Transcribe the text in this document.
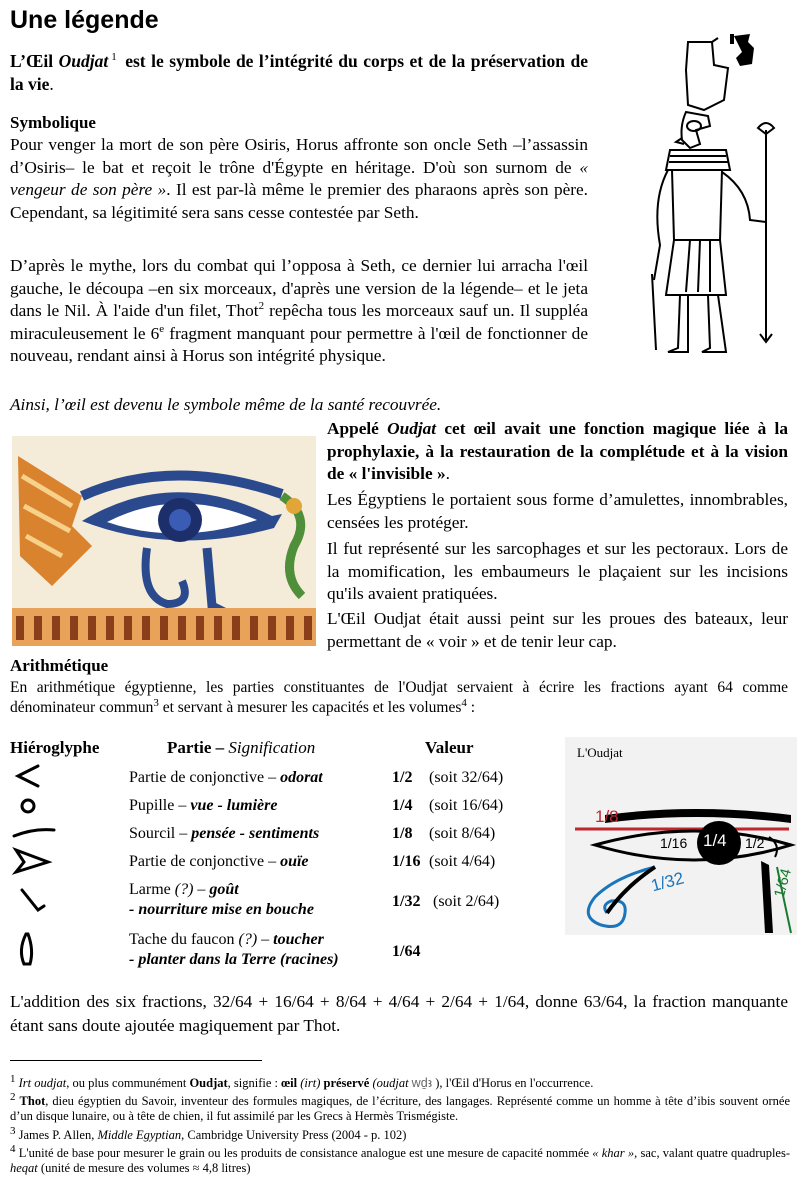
Une légende

L’Œil Oudjat $^1$ est le symbole de l’intégrité du corps et de la préservation de la vie.

Symbolique

Pour venger la mort de son père Osiris, Horus affronte son oncle Seth –l’assassin d’Osiris– le bat et reçoit le trône d'Égypte en héritage. D'où son surnom de « vengeur de son père ». Il est par-là même le premier des pharaons après son père. Cependant, sa légitimité sera sans cesse contestée par Seth.

D’après le mythe, lors du combat qui l’opposa à Seth, ce dernier lui arracha l'œil gauche, le découpa –en six morceaux, d'après une version de la légende– et le jeta dans le Nil. À l'aide d'un filet, Thot$^2$ repêcha tous les morceaux sauf un. Il suppléa miraculeusement le 6e fragment manquant pour permettre à l'œil de fonctionner de nouveau, rendant ainsi à Horus son intégrité physique.

Ainsi, l’œil est devenu le symbole même de la santé recouvrée.

Appelé Oudjat cet œil avait une fonction magique liée à la prophylaxie, à la restauration de la complétude et à la vision de « l'invisible ».

Les Égyptiens le portaient sous forme d’amulettes, innombrables, censées les protéger.

Il fut représenté sur les sarcophages et sur les pectoraux. Lors de la momification, les embaumeurs le plaçaient sur les incisions qu'ils avaient pratiquées.

L'Œil Oudjat était aussi peint sur les proues des bateaux, leur permettant de « voir » et de tenir leur cap.

Arithmétique

En arithmétique égyptienne, les parties constituantes de l'Oudjat servaient à écrire les fractions ayant 64 comme dénominateur commun$^3$ et servant à mesurer les capacités et les volumes$^4$ :

Hiéroglyphe	Partie – Signification	Valeur
Partie de conjonctive – odorat	1/2 (soit 32/64)
Pupille – vue - lumière	1/4 (soit 16/64)
Sourcil – pensée - sentiments	1/8 (soit 8/64)
Partie de conjonctive – ouïe	1/16 (soit 4/64)
Larme (?) – goût
- nourriture mise en bouche	1/32 (soit 2/64)
Tache du faucon (?) – toucher
- planter dans la Terre (racines)	1/64
L'Oudjat
1/8
1/16 1/4 1/2
1/32	1/64

L'addition des six fractions, 32/64 + 16/64 + 8/64 + 4/64 + 2/64 + 1/64, donne 63/64, la fraction manquante étant sans doute ajoutée magiquement par Thot.

$^1$ Irt oudjat, ou plus communément Oudjat, signifie : œil (irt) préservé (oudjat wḏꜣ ), l'Œil d'Horus en l'occurrence.

$^2$ Thot, dieu égyptien du Savoir, inventeur des formules magiques, de l’écriture, des langages. Représenté comme un homme à tête d’ibis souvent ornée d’un disque lunaire, ou à tête de chien, il fut assimilé par les Grecs à Hermès Trismégiste.

$^3$ James P. Allen, Middle Egyptian, Cambridge University Press (2004 - p. 102)

$^4$ L'unité de base pour mesurer le grain ou les produits de consistance analogue est une mesure de capacité nommée « khar », sac, valant quatre quadruples-heqat (unité de mesure des volumes ≈ 4,8 litres)
